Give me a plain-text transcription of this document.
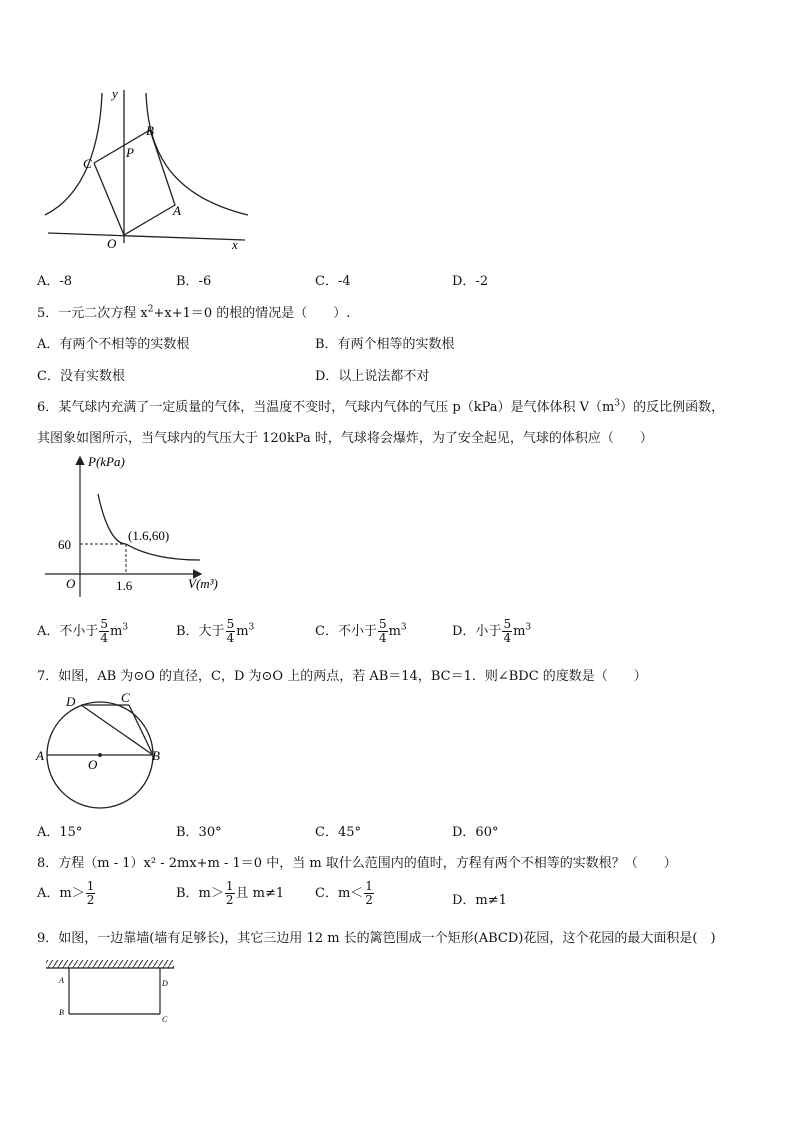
y
x
B
C
P
A
O
A．-8	B．-6	C．-4	D．-2
5．一元二次方程 $x^2+x+1=0$ 的根的情况是（　　）.
A．有两个不相等的实数根	B．有两个相等的实数根
C．没有实数根	D．以上说法都不对
6．某气球内充满了一定质量的气体，当温度不变时，气球内气体的气压 p（kPa）是气体体积 $V(m^3)$的反比例函数，
其图象如图所示，当气球内的气压大于 120kPa 时，气球将会爆炸，为了安全起见，气球的体积应（　　）
P(kPa)
V(m³)
60
1.6
(1.6,60)
O
A．不小于 $\frac{5}{4} m^3$	B．大于 $\frac{5}{4} m^3$	C．不小于 $\frac{5}{4} m^3$	D．小于 $\frac{5}{4} m^3$
7．如图，AB 为⊙O 的直径，C，D 为⊙O 上的两点，若 AB＝14，BC＝1．则∠BDC 的度数是（　　）
D	C
A	B
O
A．15°	B．30°	C．45°	D．60°
8．方程（m - 1）x² - 2mx+m - 1＝0 中，当 m 取什么范围内的值时，方程有两个不相等的实数根？（　　）
A．$m> \frac{1}{2}$	B．$m> \frac{1}{2}$ 且 m≠1 C．$m< \frac{1}{2}$	D．m≠1
9．如图，一边靠墙(墙有足够长)，其它三边用 12 m 长的篱笆围成一个矩形(ABCD)花园，这个花园的最大面积是(　)
A
B
D
C
